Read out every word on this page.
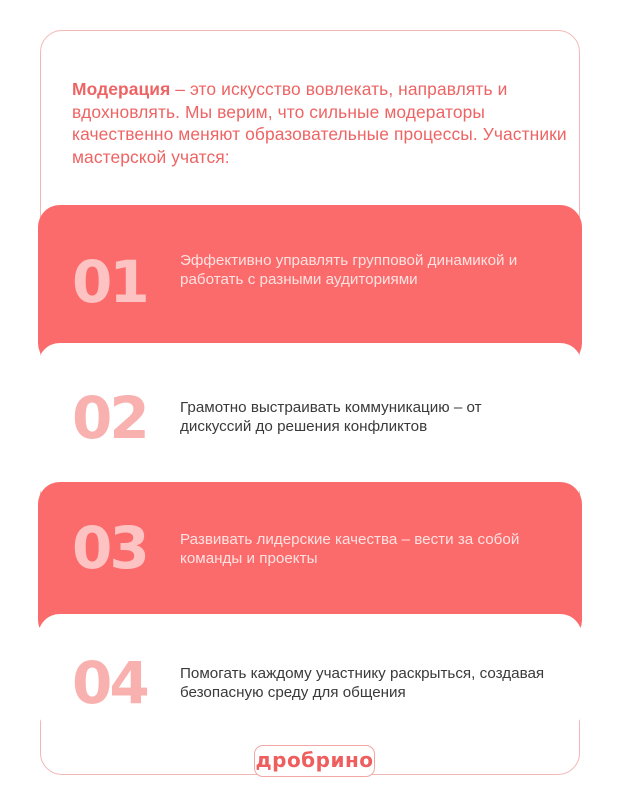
Модерация – это искусство вовлекать, направлять и вдохновлять. Мы верим, что сильные модераторы качественно меняют образовательные процессы. Участники мастерской учатся:

01 Эффективно управлять групповой динамикой и работать с разными аудиториями
02 Грамотно выстраивать коммуникацию – от дискуссий до решения конфликтов
03 Развивать лидерские качества – вести за собой команды и проекты
04 Помогать каждому участнику раскрыться, создавая безопасную среду для общения
дробрино
